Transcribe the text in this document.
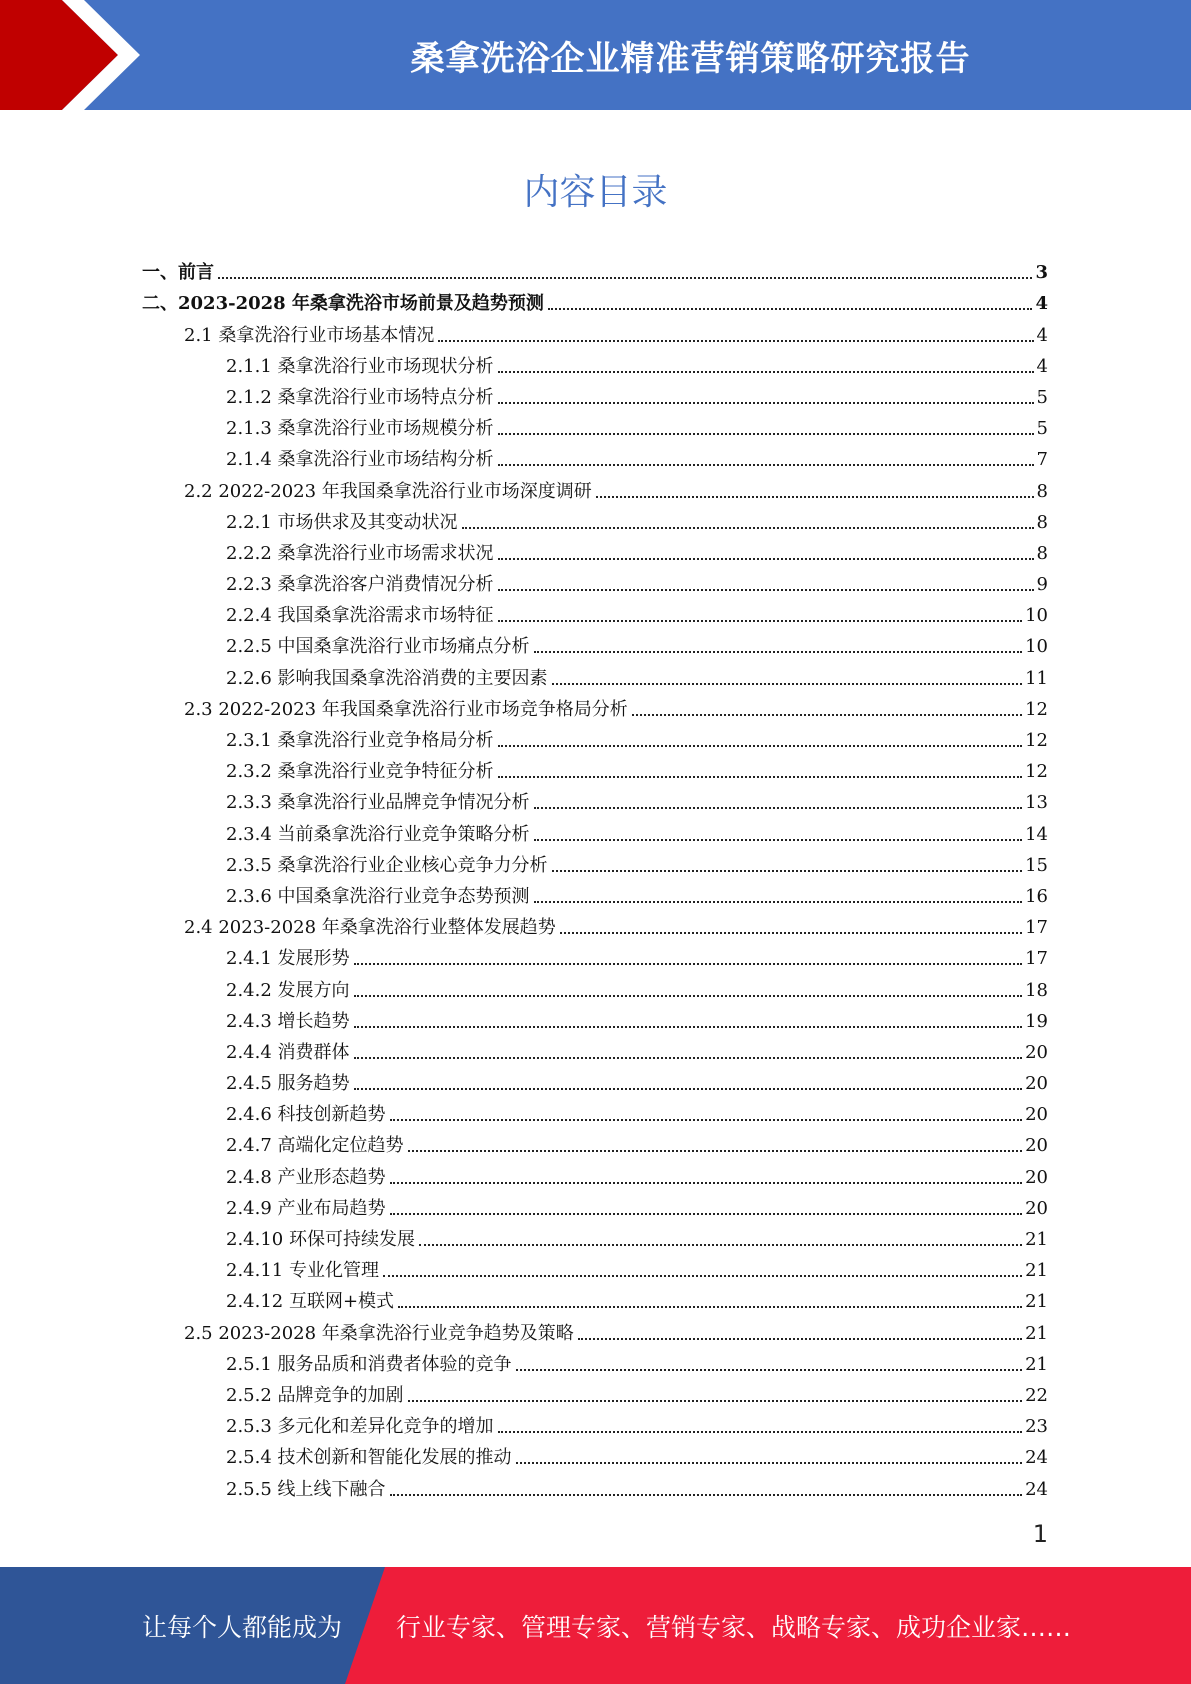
桑拿洗浴企业精准营销策略研究报告
内容目录
一、前言	3
二、2023-2028 年桑拿洗浴市场前景及趋势预测	4
2.1 桑拿洗浴行业市场基本情况	4
2.1.1 桑拿洗浴行业市场现状分析	4
2.1.2 桑拿洗浴行业市场特点分析	5
2.1.3 桑拿洗浴行业市场规模分析	5
2.1.4 桑拿洗浴行业市场结构分析	7
2.2 2022-2023 年我国桑拿洗浴行业市场深度调研	8
2.2.1 市场供求及其变动状况	8
2.2.2 桑拿洗浴行业市场需求状况	8
2.2.3 桑拿洗浴客户消费情况分析	9
2.2.4 我国桑拿洗浴需求市场特征	10
2.2.5 中国桑拿洗浴行业市场痛点分析	10
2.2.6 影响我国桑拿洗浴消费的主要因素	11
2.3 2022-2023 年我国桑拿洗浴行业市场竞争格局分析	12
2.3.1 桑拿洗浴行业竞争格局分析	12
2.3.2 桑拿洗浴行业竞争特征分析	12
2.3.3 桑拿洗浴行业品牌竞争情况分析	13
2.3.4 当前桑拿洗浴行业竞争策略分析	14
2.3.5 桑拿洗浴行业企业核心竞争力分析	15
2.3.6 中国桑拿洗浴行业竞争态势预测	16
2.4 2023-2028 年桑拿洗浴行业整体发展趋势	17
2.4.1 发展形势	17
2.4.2 发展方向	18
2.4.3 增长趋势	19
2.4.4 消费群体	20
2.4.5 服务趋势	20
2.4.6 科技创新趋势	20
2.4.7 高端化定位趋势	20
2.4.8 产业形态趋势	20
2.4.9 产业布局趋势	20
2.4.10 环保可持续发展	21
2.4.11 专业化管理	21
2.4.12 互联网+模式	21
2.5 2023-2028 年桑拿洗浴行业竞争趋势及策略	21
2.5.1 服务品质和消费者体验的竞争	21
2.5.2 品牌竞争的加剧	22
2.5.3 多元化和差异化竞争的增加	23
2.5.4 技术创新和智能化发展的推动	24
2.5.5 线上线下融合	24
1
让每个人都能成为 行业专家、管理专家、营销专家、战略专家、成功企业家……
